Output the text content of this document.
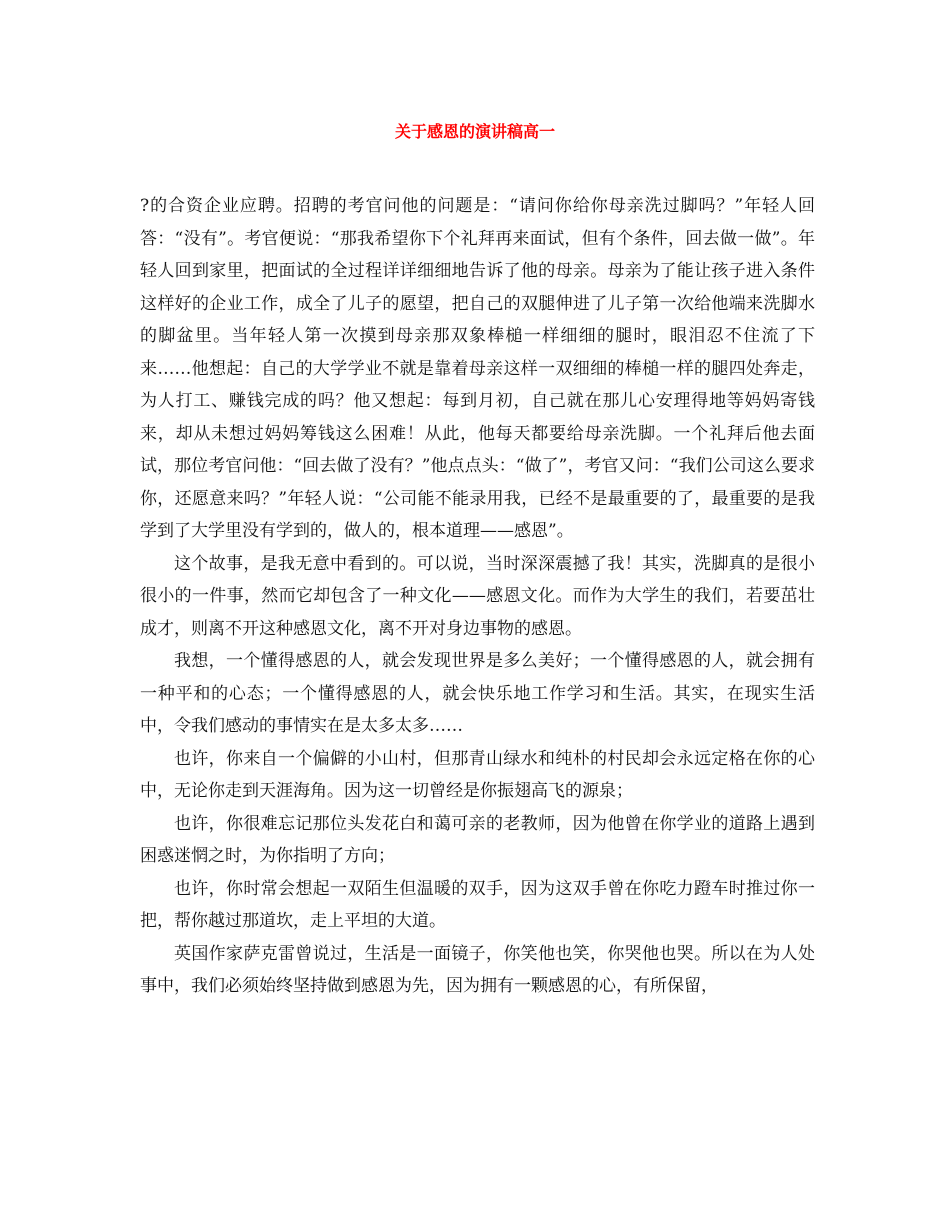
关于感恩的演讲稿高一

?的合资企业应聘。招聘的考官问他的问题是：“请问你给你母亲洗过脚吗？”年轻人回答：“没有”。考官便说：“那我希望你下个礼拜再来面试，但有个条件，回去做一做”。年轻人回到家里，把面试的全过程详详细细地告诉了他的母亲。母亲为了能让孩子进入条件这样好的企业工作，成全了儿子的愿望，把自己的双腿伸进了儿子第一次给他端来洗脚水的脚盆里。当年轻人第一次摸到母亲那双象棒槌一样细细的腿时，眼泪忍不住流了下来……他想起：自己的大学学业不就是靠着母亲这样一双细细的棒槌一样的腿四处奔走，为人打工、赚钱完成的吗？他又想起：每到月初，自己就在那儿心安理得地等妈妈寄钱来，却从未想过妈妈筹钱这么困难！从此，他每天都要给母亲洗脚。一个礼拜后他去面试，那位考官问他：“回去做了没有？”他点点头：“做了”，考官又问：“我们公司这么要求你，还愿意来吗？”年轻人说：“公司能不能录用我，已经不是最重要的了，最重要的是我学到了大学里没有学到的，做人的，根本道理——感恩”。

这个故事，是我无意中看到的。可以说，当时深深震撼了我！其实，洗脚真的是很小很小的一件事，然而它却包含了一种文化——感恩文化。而作为大学生的我们，若要茁壮成才，则离不开这种感恩文化，离不开对身边事物的感恩。

我想，一个懂得感恩的人，就会发现世界是多么美好；一个懂得感恩的人，就会拥有一种平和的心态；一个懂得感恩的人，就会快乐地工作学习和生活。其实，在现实生活中，令我们感动的事情实在是太多太多……

也许，你来自一个偏僻的小山村，但那青山绿水和纯朴的村民却会永远定格在你的心中，无论你走到天涯海角。因为这一切曾经是你振翅高飞的源泉；

也许，你很难忘记那位头发花白和蔼可亲的老教师，因为他曾在你学业的道路上遇到困惑迷惘之时，为你指明了方向；

也许，你时常会想起一双陌生但温暖的双手，因为这双手曾在你吃力蹬车时推过你一把，帮你越过那道坎，走上平坦的大道。

英国作家萨克雷曾说过，生活是一面镜子，你笑他也笑，你哭他也哭。所以在为人处事中，我们必须始终坚持做到感恩为先，因为拥有一颗感恩的心，有所保留，
